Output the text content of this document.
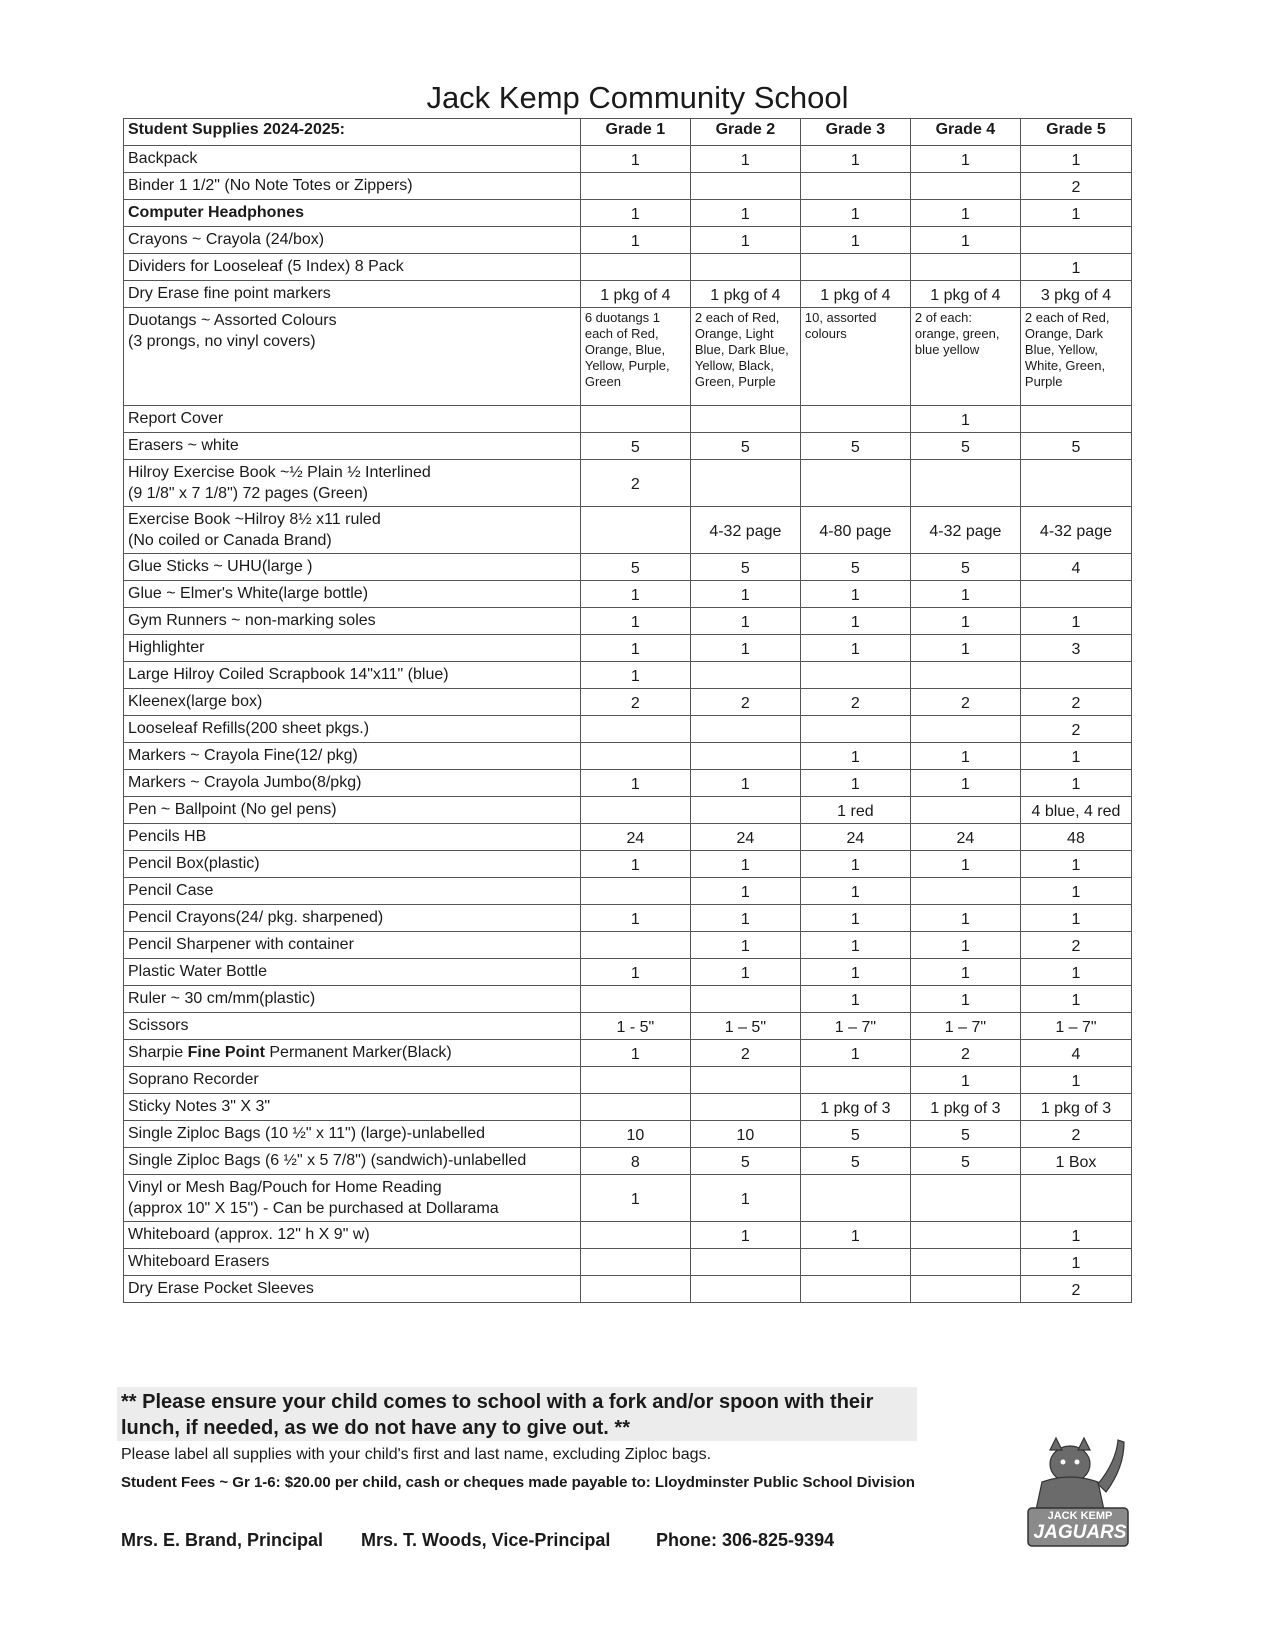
Jack Kemp Community School
Student Supplies 2024-2025:	Grade 1	Grade 2	Grade 3	Grade 4	Grade 5
Backpack	1	1	1	1	1
Binder 1 1/2" (No Note Totes or Zippers)					2
Computer Headphones	1	1	1	1	1
Crayons ~ Crayola (24/box)	1	1	1	1	
Dividers for Looseleaf (5 Index) 8 Pack					1
Dry Erase fine point markers	1 pkg of 4	1 pkg of 4	1 pkg of 4	1 pkg of 4	3 pkg of 4
Duotangs ~ Assorted Colours
(3 prongs, no vinyl covers)	6 duotangs 1 each of Red, Orange, Blue, Yellow, Purple, Green	2 each of Red, Orange, Light Blue, Dark Blue, Yellow, Black, Green, Purple	10, assorted colours	2 of each: orange, green, blue yellow	2 each of Red, Orange, Dark Blue, Yellow, White, Green, Purple
Report Cover				1	
Erasers ~ white	5	5	5	5	5
Hilroy Exercise Book ~½ Plain ½ Interlined
(9 1/8" x 7 1/8") 72 pages (Green)	2				
Exercise Book ~Hilroy 8½ x11 ruled
(No coiled or Canada Brand)		4-32 page	4-80 page	4-32 page	4-32 page
Glue Sticks ~ UHU(large )	5	5	5	5	4
Glue ~ Elmer's White(large bottle)	1	1	1	1	
Gym Runners ~ non-marking soles	1	1	1	1	1
Highlighter	1	1	1	1	3
Large Hilroy Coiled Scrapbook 14"x11" (blue)	1				
Kleenex(large box)	2	2	2	2	2
Looseleaf Refills(200 sheet pkgs.)					2
Markers ~ Crayola Fine(12/ pkg)			1	1	1
Markers ~ Crayola Jumbo(8/pkg)	1	1	1	1	1
Pen ~ Ballpoint (No gel pens)			1 red		4 blue, 4 red
Pencils HB	24	24	24	24	48
Pencil Box(plastic)	1	1	1	1	1
Pencil Case		1	1		1
Pencil Crayons(24/ pkg. sharpened)	1	1	1	1	1
Pencil Sharpener with container		1	1	1	2
Plastic Water Bottle	1	1	1	1	1
Ruler ~ 30 cm/mm(plastic)			1	1	1
Scissors	1 - 5"	1 – 5"	1 – 7"	1 – 7"	1 – 7"
Sharpie Fine Point Permanent Marker(Black)	1	2	1	2	4
Soprano Recorder				1	1
Sticky Notes 3" X 3"			1 pkg of 3	1 pkg of 3	1 pkg of 3
Single Ziploc Bags (10 ½" x 11") (large)-unlabelled	10	10	5	5	2
Single Ziploc Bags (6 ½" x 5 7/8") (sandwich)-unlabelled	8	5	5	5	1 Box
Vinyl or Mesh Bag/Pouch for Home Reading
(approx 10" X 15") - Can be purchased at Dollarama	1	1			
Whiteboard (approx. 12" h X 9" w)		1	1		1
Whiteboard Erasers					1
Dry Erase Pocket Sleeves					2
** Please ensure your child comes to school with a fork and/or spoon with their lunch, if needed, as we do not have any to give out. **
Please label all supplies with your child's first and last name, excluding Ziploc bags.
Student Fees ~ Gr 1-6: $20.00 per child, cash or cheques made payable to: Lloydminster Public School Division
Mrs. E. Brand, Principal Mrs. T. Woods, Vice-Principal	Phone: 306-825-9394
JACK KEMP
JAGUARS
